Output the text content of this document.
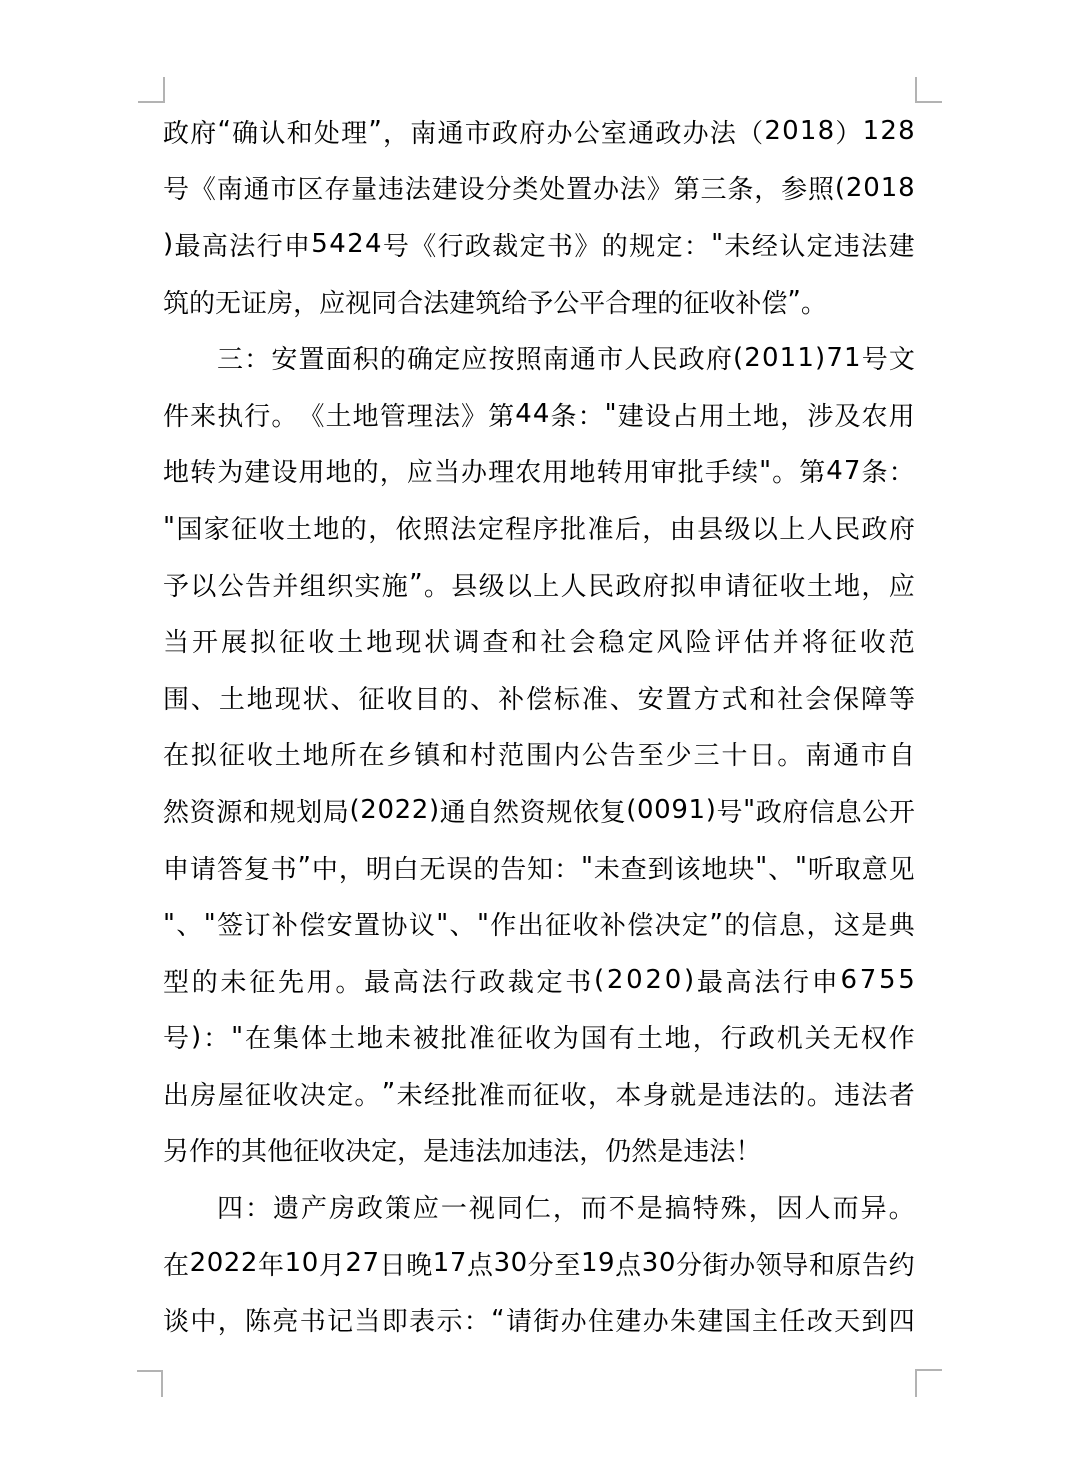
政 府 “ 确 认 和 处 理 ” ， 南 通 市 政 府 办 公 室 通 政 办 法 （ 2 0 1 8 ） 1 2 8
号 《 南 通 市 区 存 量 违 法 建 设 分 类 处 置 办 法 》 第 三 条 ， 参 照 ( 2 0 1 8
) 最 高 法 行 申 5 4 2 4 号 《 行 政 裁 定 书 》 的 规 定 ： " 未 经 认 定 违 法 建
筑 的 无 证 房 ， 应 视 同 合 法 建 筑 给 予 公 平 合 理 的 征 收 补 偿 ” 。
三 ： 安 置 面 积 的 确 定 应 按 照 南 通 市 人 民 政 府 ( 2 0 1 1 ) 7 1 号 文
件 来 执 行 。 《 土 地 管 理 法 》 第 4 4 条 ： " 建 设 占 用 土 地 ， 涉 及 农 用
地 转 为 建 设 用 地 的 ， 应 当 办 理 农 用 地 转 用 审 批 手 续 " 。 第 4 7 条 ：
" 国 家 征 收 土 地 的 ， 依 照 法 定 程 序 批 准 后 ， 由 县 级 以 上 人 民 政 府
予 以 公 告 并 组 织 实 施 ” 。 县 级 以 上 人 民 政 府 拟 申 请 征 收 土 地 ， 应
当 开 展 拟 征 收 土 地 现 状 调 查 和 社 会 稳 定 风 险 评 估 并 将 征 收 范
围 、 土 地 现 状 、 征 收 目 的 、 补 偿 标 准 、 安 置 方 式 和 社 会 保 障 等
在 拟 征 收 土 地 所 在 乡 镇 和 村 范 围 内 公 告 至 少 三 十 日 。 南 通 市 自
然 资 源 和 规 划 局 ( 2 0 2 2 ) 通 自 然 资 规 依 复 ( 0 0 9 1 ) 号 " 政 府 信 息 公 开
申 请 答 复 书 ” 中 ， 明 白 无 误 的 告 知 ： " 未 查 到 该 地 块 " 、 " 听 取 意 见
" 、 " 签 订 补 偿 安 置 协 议 " 、 " 作 出 征 收 补 偿 决 定 ” 的 信 息 ， 这 是 典
型 的 未 征 先 用 。 最 高 法 行 政 裁 定 书 ( 2 0 2 0 ) 最 高 法 行 申 6 7 5 5
号 ) ： " 在 集 体 土 地 未 被 批 准 征 收 为 国 有 土 地 ， 行 政 机 关 无 权 作
出 房 屋 征 收 决 定 。 ” 未 经 批 准 而 征 收 ， 本 身 就 是 违 法 的 。 违 法 者
另 作 的 其 他 征 收 决 定 ， 是 违 法 加 违 法 ， 仍 然 是 违 法 ！
四 ： 遗 产 房 政 策 应 一 视 同 仁 ， 而 不 是 搞 特 殊 ， 因 人 而 异 。
在 2 0 2 2 年 1 0 月 2 7 日 晚 1 7 点 3 0 分 至 1 9 点 3 0 分 街 办 领 导 和 原 告 约
谈 中 ， 陈 亮 书 记 当 即 表 示 ： “ 请 街 办 住 建 办 朱 建 国 主 任 改 天 到 四
